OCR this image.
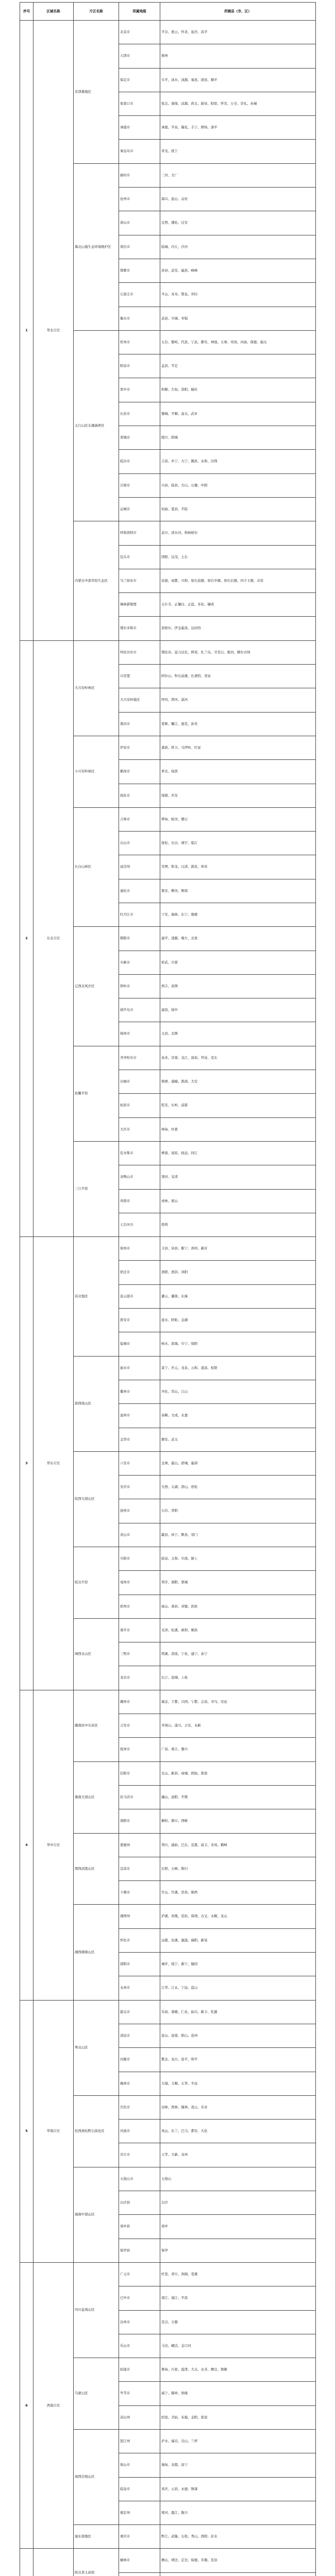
序号	区域名称	片区名称	所属地级	所辖县（市、区）
1	华北片区	京津冀地区	北京市	平谷、密云、怀柔、延庆、昌平
			天津市	蓟州
			保定市	阜平、涞水、涞源、易县、唐县、顺平
			张家口市	张北、康保、沽源、尚义、蔚县、阳原、怀安、万全、崇礼、赤城
			承德市	承德、平泉、隆化、丰宁、围场、滦平
			秦皇岛市	青龙、抚宁
		冀北山地生态环境维护区	廊坊市	三河、大厂
			沧州市	海兴、盐山、孟村
			唐山市	迁西、遵化、迁安
			邢台市	临城、内丘、沙河
			邯郸市	涉县、武安、磁县、峰峰
			石家庄市	平山、灵寿、赞皇、井陉
			衡水市	武邑、阜城、枣强
		太行山区水源涵养区	忻州市	五台、繁峙、代县、宁武、静乐、神池、五寨、岢岚、河曲、保德、偏关
			阳泉市	盂县、平定
			晋中市	和顺、左权、昔阳、榆社
			长治市	黎城、平顺、壶关、武乡
			晋城市	陵川、阳城
			临汾市	吉县、乡宁、大宁、隰县、永和、汾西
			吕梁市	兴县、临县、方山、石楼、中阳
			运城市	垣曲、夏县、平陆
		内蒙古中部草原生态区	呼和浩特市	武川、清水河、和林格尔
			包头市	固阳、达茂、土右
			乌兰察布市	化德、商都、兴和、察右前旗、察右中旗、察右后旗、四子王旗、卓资
			锡林郭勒盟	太仆寺、正镶白、正蓝、多伦、镶黄
			鄂尔多斯市	准格尔、伊金霍洛、达拉特
2	东北片区	大兴安岭林区	呼伦贝尔市	鄂伦春、莫力达瓦、阿荣、扎兰屯、牙克石、根河、额尔古纳
			兴安盟	阿尔山、科右前旗、扎赉特、突泉
			大兴安岭地区	呼玛、塔河、漠河
			黑河市	爱辉、嫩江、逊克、孙吴
		小兴安岭林区	伊春市	嘉荫、铁力、乌伊岭、红星
			鹤岗市	萝北、绥滨
			绥化市	绥棱、庆安
		长白山林区	吉林市	桦甸、蛟河、磐石
			白山市	抚松、长白、靖宇、临江
			延边州	安图、和龙、汪清、敦化、珲春
			通化市	集安、柳河、辉南
			牡丹江市	宁安、海林、东宁、穆棱
		辽西北风沙区	朝阳市	建平、凌源、喀左、北票
			阜新市	彰武、阜蒙
			铁岭市	西丰、昌图
			葫芦岛市	建昌、绥中
			锦州市	义县、北镇
		松嫩平原	齐齐哈尔市	泰来、甘南、龙江、富裕、拜泉、克东
			白城市	镇赉、通榆、洮南、大安
			松原市	乾安、长岭、前郭
			大庆市	林甸、杜蒙
		三江平原	佳木斯市	桦南、汤原、抚远、同江
			双鸭山市	饶河、宝清
			鸡西市	虎林、密山
			七台河市	勃利
3	华东片区	苏北地区	徐州市	丰县、沛县、睢宁、邳州、新沂
			宿迁市	泗阳、泗洪、沭阳
			连云港市	灌云、灌南、东海
			淮安市	涟水、盱眙、金湖
			盐城市	响水、滨海、阜宁、射阳
		浙西南山区	丽水市	景宁、庆元、龙泉、云和、遂昌、松阳
			衢州市	开化、常山、江山
			温州市	泰顺、文成、永嘉
			金华市	磐安、武义
		皖西大别山区	六安市	金寨、霍山、舒城、霍邱
			安庆市	岳西、太湖、潜山、宿松
			池州市	石台、青阳
			黄山市	歙县、休宁、黟县、祁门
		皖北平原	阜阳市	临泉、太和、阜南、颍上
			亳州市	利辛、涡阳、蒙城
			宿州市	砀山、萧县、灵璧、泗县
		闽西北山区	南平市	光泽、松溪、政和、顺昌
			三明市	明溪、清流、宁化、建宁、泰宁
			龙岩市	长汀、连城、上杭
4	华中片区	赣南原中央苏区	赣州市	瑞金、于都、兴国、宁都、会昌、寻乌、安远
			吉安市	井冈山、遂川、万安、永新
			抚州市	广昌、南丰、黎川
		豫南大别山区	信阳市	光山、新县、商城、固始、淮滨
			驻马店市	确山、泌阳、平舆
			南阳市	桐柏、淅川、西峡
		鄂西武陵山区	恩施州	利川、建始、巴东、宣恩、咸丰、来凤、鹤峰
			宜昌市	长阳、五峰、秭归
			十堰市	竹山、竹溪、房县、郧西
		湘西湘南山区	湘西州	泸溪、凤凰、花垣、保靖、古丈、永顺、龙山
			怀化市	沅陵、辰溪、溆浦、麻阳、新晃
			邵阳市	城步、绥宁、新宁、隆回
			永州市	江华、江永、宁远、蓝山
5	华南片区	粤北山区	韶关市	乐昌、南雄、仁化、始兴、新丰、乳源
			清远市	连山、连南、阳山、连州
			河源市	紫金、龙川、连平、和平
			梅州市	大埔、丰顺、五华、平远
		桂西滇桂黔石漠化区	百色市	田林、西林、隆林、凌云、乐业
			河池市	凤山、东兰、巴马、都安、大化
			崇左市	天等、大新、龙州
		海南中部山区	五指山市	五指山
			白沙县	白沙
			琼中县	琼中
			保亭县	保亭
6	西南片区	四川盆周山区	广元市	旺苍、青川、剑阁、苍溪
			巴中市	南江、通江、平昌
			达州市	宣汉、万源
			乐山市	马边、峨边、金口河
		乌蒙山区	昭通市	鲁甸、巧家、盐津、大关、永善、彝良、镇雄
			毕节市	威宁、赫章、纳雍
			凉山州	昭觉、美姑、布拖、金阳、雷波
		滇西边境山区	怒江州	泸水、福贡、贡山、兰坪
			保山市	施甸、龙陵、昌宁
			临沧市	凤庆、云县、永德、镇康
			德宏州	梁河、盈江、陇川
		渝东南地区	重庆市	黔江、武隆、石柱、秀山、酉阳、彭水
		陕北黄土高原	榆林市	横山、靖边、定边、绥德、米脂、佳县
